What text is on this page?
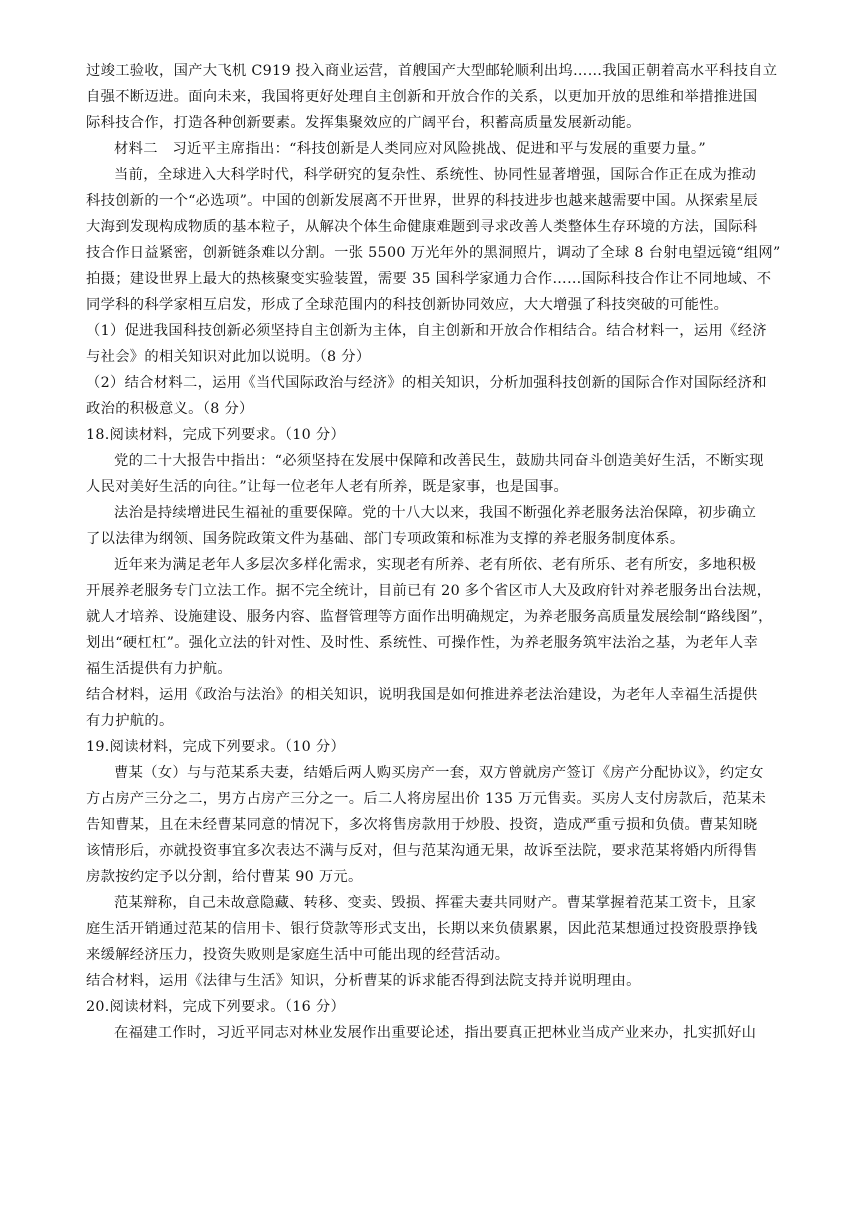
过竣工验收，国产大飞机 C919 投入商业运营，首艘国产大型邮轮顺利出坞……我国正朝着高水平科技自立
自强不断迈进。面向未来，我国将更好处理自主创新和开放合作的关系，以更加开放的思维和举措推进国
际科技合作，打造各种创新要素。发挥集聚效应的广阔平台，积蓄高质量发展新动能。
材料二　习近平主席指出：“科技创新是人类同应对风险挑战、促进和平与发展的重要力量。”
当前，全球进入大科学时代，科学研究的复杂性、系统性、协同性显著增强，国际合作正在成为推动
科技创新的一个“必选项”。中国的创新发展离不开世界，世界的科技进步也越来越需要中国。从探索星辰
大海到发现构成物质的基本粒子，从解决个体生命健康难题到寻求改善人类整体生存环境的方法，国际科
技合作日益紧密，创新链条难以分割。一张 5500 万光年外的黑洞照片，调动了全球 8 台射电望远镜“组网”
拍摄；建设世界上最大的热核聚变实验装置，需要 35 国科学家通力合作……国际科技合作让不同地域、不
同学科的科学家相互启发，形成了全球范围内的科技创新协同效应，大大增强了科技突破的可能性。
（1）促进我国科技创新必须坚持自主创新为主体，自主创新和开放合作相结合。结合材料一，运用《经济
与社会》的相关知识对此加以说明。（8 分）
（2）结合材料二，运用《当代国际政治与经济》的相关知识，分析加强科技创新的国际合作对国际经济和
政治的积极意义。（8 分）
18.阅读材料，完成下列要求。（10 分）
党的二十大报告中指出：“必须坚持在发展中保障和改善民生，鼓励共同奋斗创造美好生活，不断实现
人民对美好生活的向往。”让每一位老年人老有所养，既是家事，也是国事。
法治是持续增进民生福祉的重要保障。党的十八大以来，我国不断强化养老服务法治保障，初步确立
了以法律为纲领、国务院政策文件为基础、部门专项政策和标准为支撑的养老服务制度体系。
近年来为满足老年人多层次多样化需求，实现老有所养、老有所依、老有所乐、老有所安，多地积极
开展养老服务专门立法工作。据不完全统计，目前已有 20 多个省区市人大及政府针对养老服务出台法规，
就人才培养、设施建设、服务内容、监督管理等方面作出明确规定，为养老服务高质量发展绘制“路线图”，
划出“硬杠杠”。强化立法的针对性、及时性、系统性、可操作性，为养老服务筑牢法治之基，为老年人幸
福生活提供有力护航。
结合材料，运用《政治与法治》的相关知识，说明我国是如何推进养老法治建设，为老年人幸福生活提供
有力护航的。
19.阅读材料，完成下列要求。（10 分）
曹某（女）与与范某系夫妻，结婚后两人购买房产一套，双方曾就房产签订《房产分配协议》，约定女
方占房产三分之二，男方占房产三分之一。后二人将房屋出价 135 万元售卖。买房人支付房款后，范某未
告知曹某，且在未经曹某同意的情况下，多次将售房款用于炒股、投资，造成严重亏损和负债。曹某知晓
该情形后，亦就投资事宜多次表达不满与反对，但与范某沟通无果，故诉至法院，要求范某将婚内所得售
房款按约定予以分割，给付曹某 90 万元。
范某辩称，自己未故意隐藏、转移、变卖、毁损、挥霍夫妻共同财产。曹某掌握着范某工资卡，且家
庭生活开销通过范某的信用卡、银行贷款等形式支出，长期以来负债累累，因此范某想通过投资股票挣钱
来缓解经济压力，投资失败则是家庭生活中可能出现的经营活动。
结合材料，运用《法律与生活》知识，分析曹某的诉求能否得到法院支持并说明理由。
20.阅读材料，完成下列要求。（16 分）
在福建工作时，习近平同志对林业发展作出重要论述，指出要真正把林业当成产业来办，扎实抓好山
